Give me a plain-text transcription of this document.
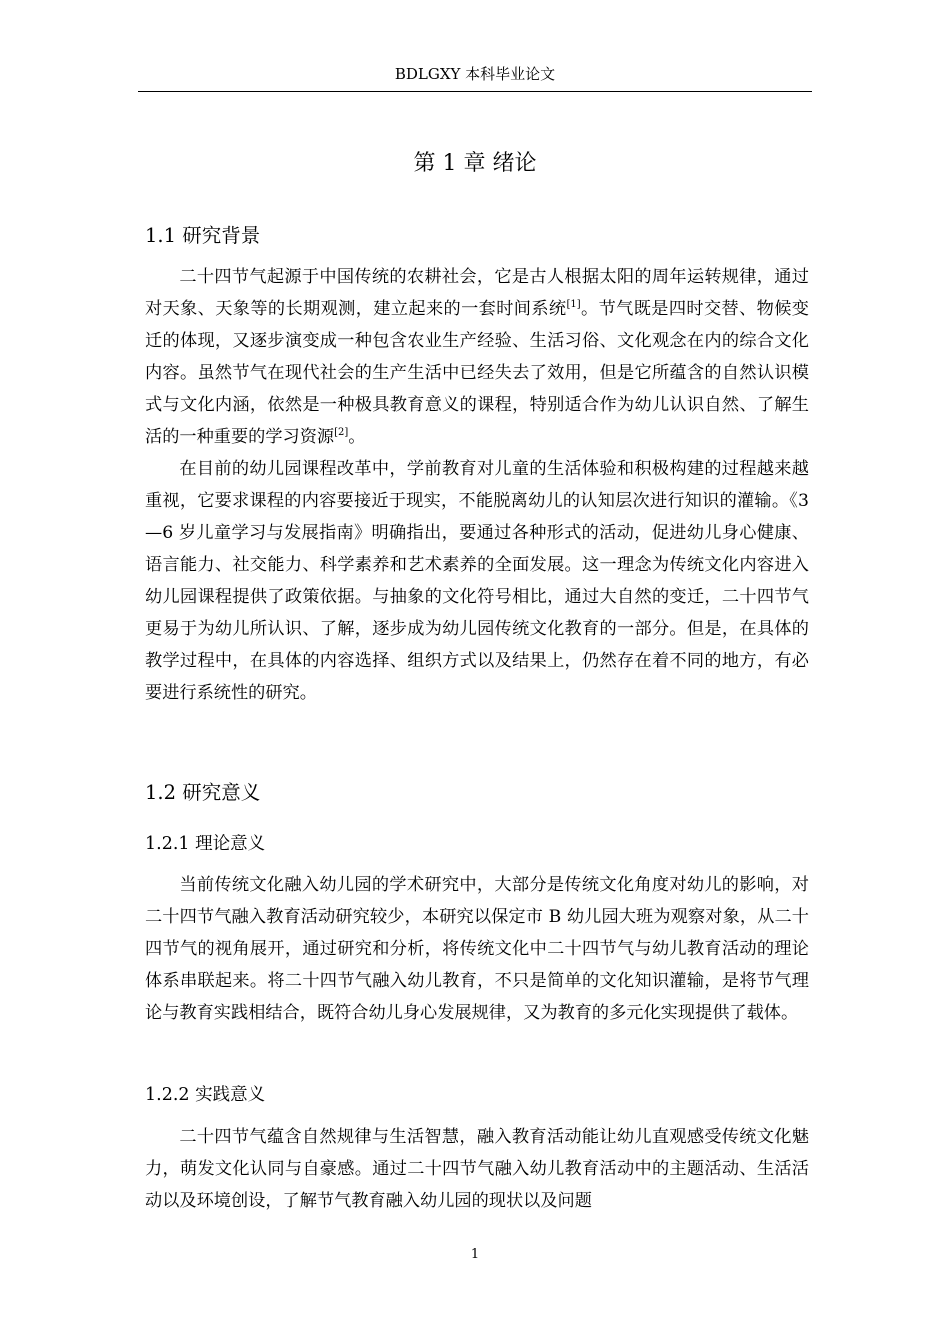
BDLGXY 本科毕业论文
第 1 章 绪论
1.1 研究背景

二十四节气起源于中国传统的农耕社会，它是古人根据太阳的周年运转规律，通过对天象、天象等的长期观测，建立起来的一套时间系统[1]。节气既是四时交替、物候变迁的体现，又逐步演变成一种包含农业生产经验、生活习俗、文化观念在内的综合文化内容。虽然节气在现代社会的生产生活中已经失去了效用，但是它所蕴含的自然认识模式与文化内涵，依然是一种极具教育意义的课程，特别适合作为幼儿认识自然、了解生活的一种重要的学习资源[2]。

在目前的幼儿园课程改革中，学前教育对儿童的生活体验和积极构建的过程越来越重视，它要求课程的内容要接近于现实，不能脱离幼儿的认知层次进行知识的灌输。《3—6 岁儿童学习与发展指南》明确指出，要通过各种形式的活动，促进幼儿身心健康、语言能力、社交能力、科学素养和艺术素养的全面发展。这一理念为传统文化内容进入幼儿园课程提供了政策依据。与抽象的文化符号相比，通过大自然的变迁，二十四节气更易于为幼儿所认识、了解，逐步成为幼儿园传统文化教育的一部分。但是，在具体的教学过程中，在具体的内容选择、组织方式以及结果上，仍然存在着不同的地方，有必要进行系统性的研究。

1.2 研究意义
1.2.1 理论意义

当前传统文化融入幼儿园的学术研究中，大部分是传统文化角度对幼儿的影响，对二十四节气融入教育活动研究较少，本研究以保定市 B 幼儿园大班为观察对象，从二十四节气的视角展开，通过研究和分析，将传统文化中二十四节气与幼儿教育活动的理论体系串联起来。将二十四节气融入幼儿教育，不只是简单的文化知识灌输，是将节气理论与教育实践相结合，既符合幼儿身心发展规律，又为教育的多元化实现提供了载体。

1.2.2 实践意义

二十四节气蕴含自然规律与生活智慧，融入教育活动能让幼儿直观感受传统文化魅力，萌发文化认同与自豪感。通过二十四节气融入幼儿教育活动中的主题活动、生活活动以及环境创设，了解节气教育融入幼儿园的现状以及问题

1
